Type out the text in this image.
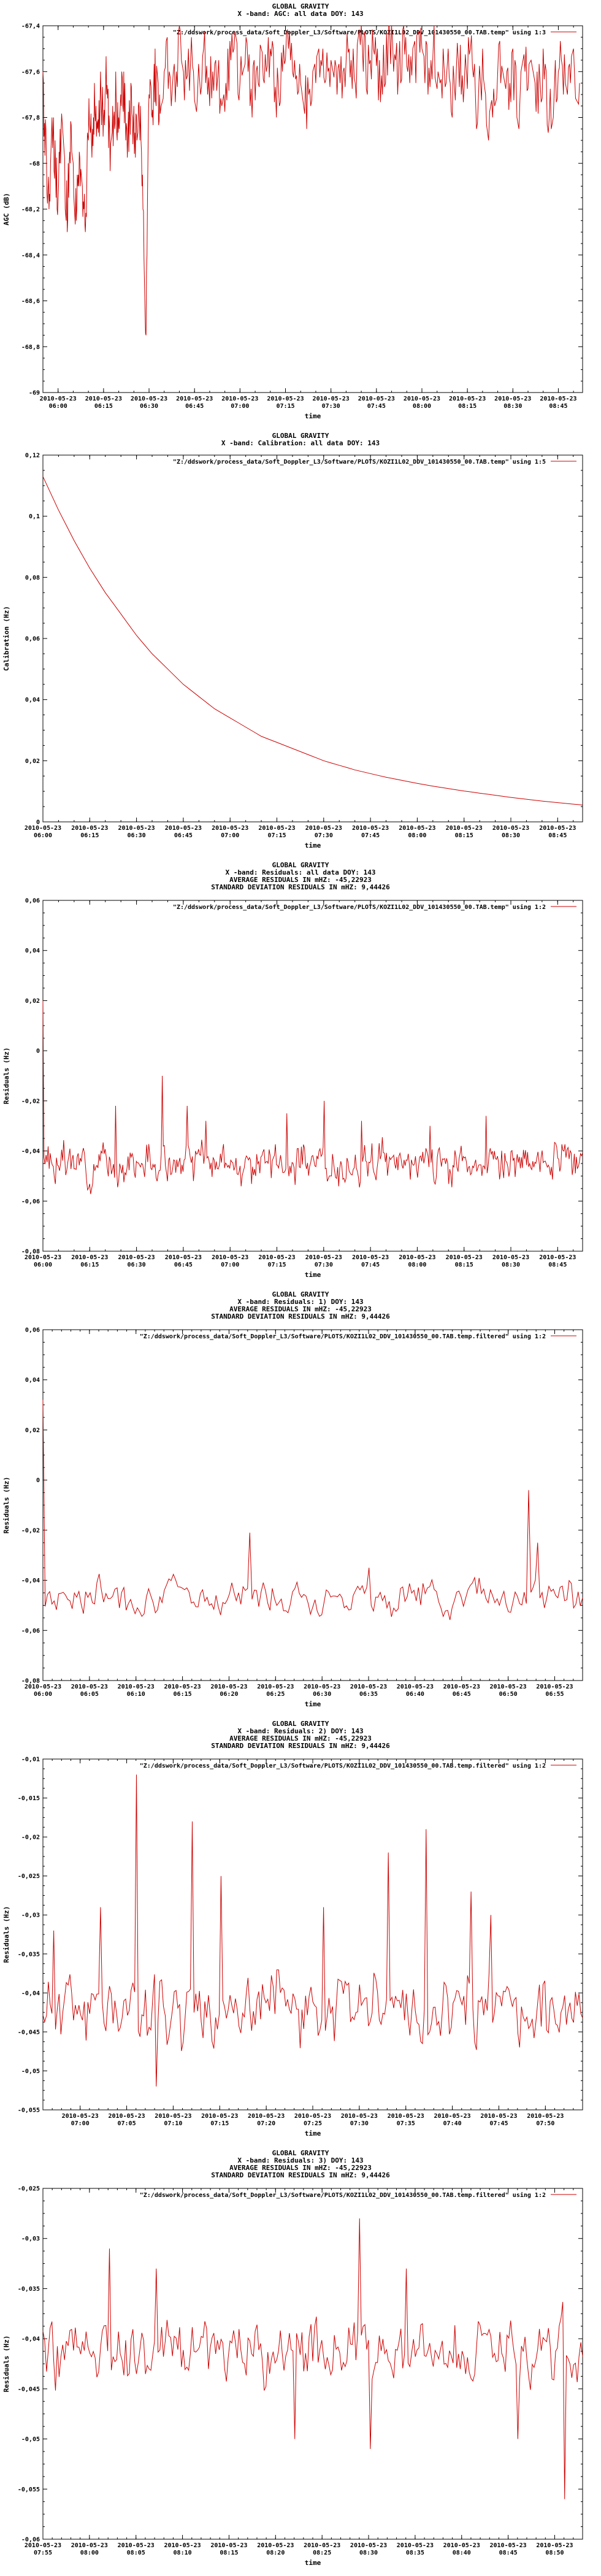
GLOBAL GRAVITY
X -band: AGC: all data DOY: 143
-67,4
-67,6
-67,8
-68
-68,2
-68,4
-68,6
-68,8
-69
2010-05-23
06:00
2010-05-23
06:15
2010-05-23
06:30
2010-05-23
06:45
2010-05-23
07:00
2010-05-23
07:15
2010-05-23
07:30
2010-05-23
07:45
2010-05-23
08:00
2010-05-23
08:15
2010-05-23
08:30
2010-05-23
08:45
time
AGC (dB)
"Z:/ddswork/process_data/Soft_Doppler_L3/Software/PLOTS/KOZI1L02_DDV_101430550_00.TAB.temp" using 1:3
GLOBAL GRAVITY
X -band: Calibration: all data DOY: 143
0,12
0,1
0,08
0,06
0,04
0,02
0
2010-05-23
06:00
2010-05-23
06:15
2010-05-23
06:30
2010-05-23
06:45
2010-05-23
07:00
2010-05-23
07:15
2010-05-23
07:30
2010-05-23
07:45
2010-05-23
08:00
2010-05-23
08:15
2010-05-23
08:30
2010-05-23
08:45
time
Calibration (Hz)
"Z:/ddswork/process_data/Soft_Doppler_L3/Software/PLOTS/KOZI1L02_DDV_101430550_00.TAB.temp" using 1:5
GLOBAL GRAVITY
X -band: Residuals: all data DOY: 143
AVERAGE RESIDUALS IN mHZ: -45,22923
STANDARD DEVIATION RESIDUALS IN mHZ: 9,44426
0,06
0,04
0,02
0
-0,02
-0,04
-0,06
-0,08
2010-05-23
06:00
2010-05-23
06:15
2010-05-23
06:30
2010-05-23
06:45
2010-05-23
07:00
2010-05-23
07:15
2010-05-23
07:30
2010-05-23
07:45
2010-05-23
08:00
2010-05-23
08:15
2010-05-23
08:30
2010-05-23
08:45
time
Residuals (Hz)
"Z:/ddswork/process_data/Soft_Doppler_L3/Software/PLOTS/KOZI1L02_DDV_101430550_00.TAB.temp" using 1:2
GLOBAL GRAVITY
X -band: Residuals: 1) DOY: 143
AVERAGE RESIDUALS IN mHZ: -45,22923
STANDARD DEVIATION RESIDUALS IN mHZ: 9,44426
0,06
0,04
0,02
0
-0,02
-0,04
-0,06
-0,08
2010-05-23
06:00
2010-05-23
06:05
2010-05-23
06:10
2010-05-23
06:15
2010-05-23
06:20
2010-05-23
06:25
2010-05-23
06:30
2010-05-23
06:35
2010-05-23
06:40
2010-05-23
06:45
2010-05-23
06:50
2010-05-23
06:55
time
Residuals (Hz)
"Z:/ddswork/process_data/Soft_Doppler_L3/Software/PLOTS/KOZI1L02_DDV_101430550_00.TAB.temp.filtered" using 1:2
GLOBAL GRAVITY
X -band: Residuals: 2) DOY: 143
AVERAGE RESIDUALS IN mHZ: -45,22923
STANDARD DEVIATION RESIDUALS IN mHZ: 9,44426
-0,01
-0,015
-0,02
-0,025
-0,03
-0,035
-0,04
-0,045
-0,05
-0,055
2010-05-23
07:00
2010-05-23
07:05
2010-05-23
07:10
2010-05-23
07:15
2010-05-23
07:20
2010-05-23
07:25
2010-05-23
07:30
2010-05-23
07:35
2010-05-23
07:40
2010-05-23
07:45
2010-05-23
07:50
time
Residuals (Hz)
"Z:/ddswork/process_data/Soft_Doppler_L3/Software/PLOTS/KOZI1L02_DDV_101430550_00.TAB.temp.filtered" using 1:2
GLOBAL GRAVITY
X -band: Residuals: 3) DOY: 143
AVERAGE RESIDUALS IN mHZ: -45,22923
STANDARD DEVIATION RESIDUALS IN mHZ: 9,44426
-0,025
-0,03
-0,035
-0,04
-0,045
-0,05
-0,055
-0,06
2010-05-23
07:55
2010-05-23
08:00
2010-05-23
08:05
2010-05-23
08:10
2010-05-23
08:15
2010-05-23
08:20
2010-05-23
08:25
2010-05-23
08:30
2010-05-23
08:35
2010-05-23
08:40
2010-05-23
08:45
2010-05-23
08:50
time
Residuals (Hz)
"Z:/ddswork/process_data/Soft_Doppler_L3/Software/PLOTS/KOZI1L02_DDV_101430550_00.TAB.temp.filtered" using 1:2
